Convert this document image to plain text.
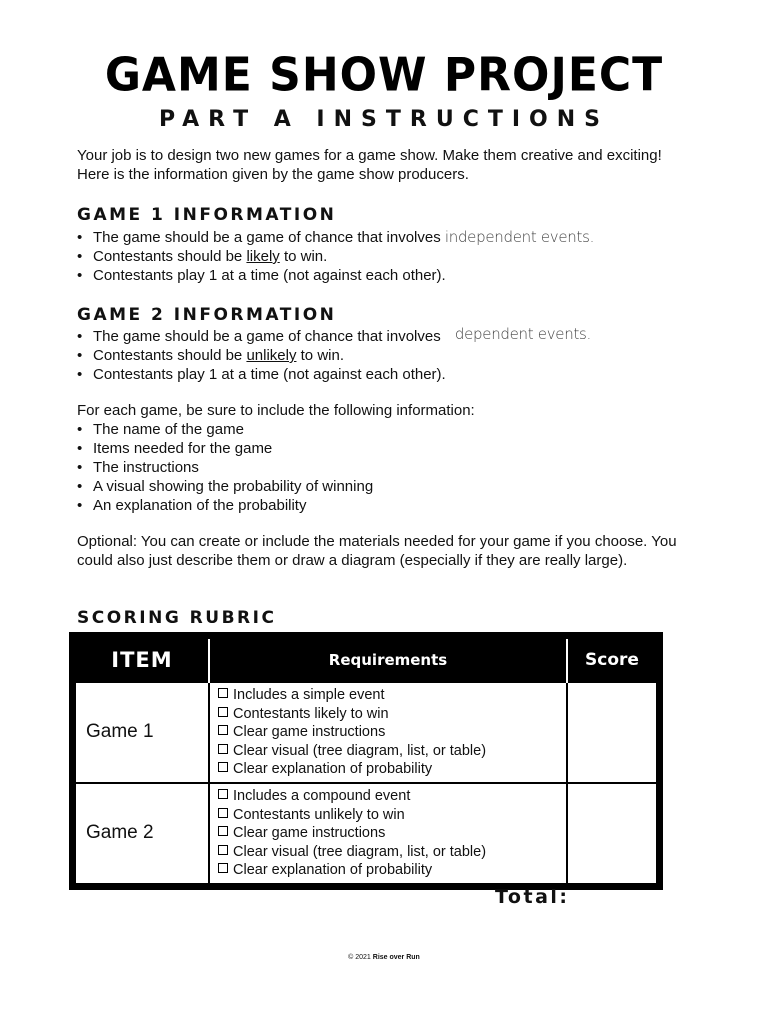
GAME SHOW PROJECT
PART A INSTRUCTIONS
Your job is to design two new games for a game show. Make them creative and exciting! Here is the information given by the game show producers.
GAME 1 INFORMATION
• The game should be a game of chance that involves independent events.
• Contestants should be likely to win.
• Contestants play 1 at a time (not against each other).
GAME 2 INFORMATION
• The game should be a game of chance that involves dependent events.
• Contestants should be unlikely to win.
• Contestants play 1 at a time (not against each other).
For each game, be sure to include the following information:
• The name of the game
• Items needed for the game
• The instructions
• A visual showing the probability of winning
• An explanation of the probability
Optional: You can create or include the materials needed for your game if you choose. You could also just describe them or draw a diagram (especially if they are really large).
SCORING RUBRIC
ITEM	Requirements	Score
Game 1	Includes a simple event
Contestants likely to win
Clear game instructions
Clear visual (tree diagram, list, or table)
Clear explanation of probability	

Game 2	Includes a compound event
Contestants unlikely to win
Clear game instructions
Clear visual (tree diagram, list, or table)
Clear explanation of probability	

Total:
© 2021 Rise over Run
